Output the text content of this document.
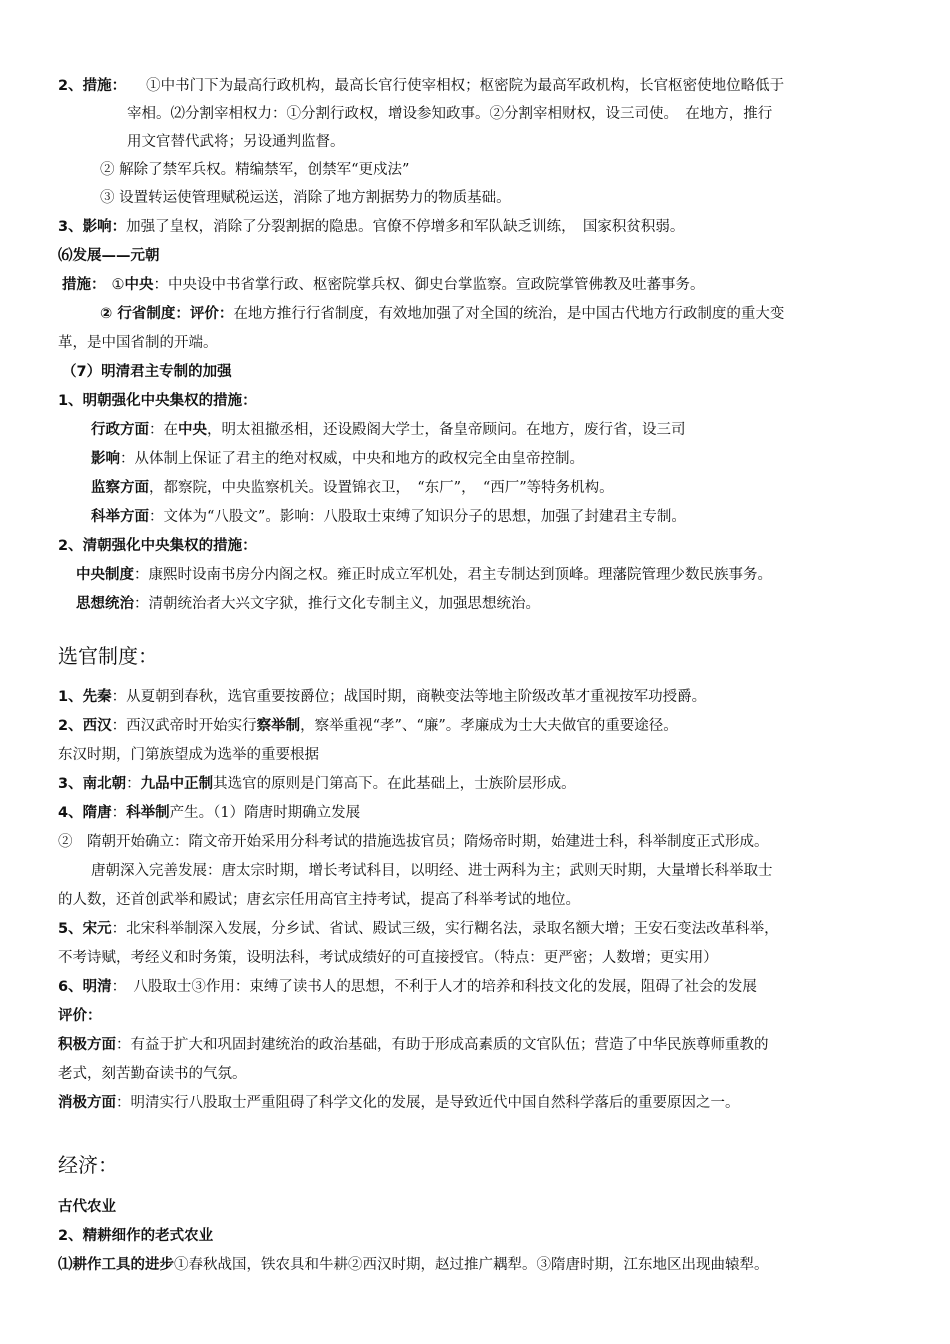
2、措施： ①中书门下为最高行政机构，最高长官行使宰相权；枢密院为最高军政机构，长官枢密使地位略低于
宰相。⑵分割宰相权力：①分割行政权，增设参知政事。②分割宰相财权，设三司使。　在地方，推行
用文官替代武将；另设通判监督。
② 解除了禁军兵权。精编禁军，创禁军“更戍法”
③ 设置转运使管理赋税运送，消除了地方割据势力的物质基础。
3、影响：加强了皇权，消除了分裂割据的隐患。官僚不停增多和军队缺乏训练，　国家积贫积弱。
⑹发展——元朝
措施： ①中央：中央设中书省掌行政、枢密院掌兵权、御史台掌监察。宣政院掌管佛教及吐蕃事务。
② 行省制度：评价：在地方推行行省制度，有效地加强了对全国的统治，是中国古代地方行政制度的重大变
革，是中国省制的开端。
（7）明清君主专制的加强
1、明朝强化中央集权的措施：
行政方面：在中央，明太祖撤丞相，还设殿阁大学士，备皇帝顾问。在地方，废行省，设三司
影响：从体制上保证了君主的绝对权威，中央和地方的政权完全由皇帝控制。
监察方面，都察院，中央监察机关。设置锦衣卫，　“东厂”，　“西厂”等特务机构。
科举方面：文体为“八股文”。影响：八股取士束缚了知识分子的思想，加强了封建君主专制。
2、清朝强化中央集权的措施：
中央制度：康熙时设南书房分内阁之权。雍正时成立军机处，君主专制达到顶峰。理藩院管理少数民族事务。
思想统治：清朝统治者大兴文字狱，推行文化专制主义，加强思想统治。
选官制度：
1、先秦：从夏朝到春秋，选官重要按爵位；战国时期，商鞅变法等地主阶级改革才重视按军功授爵。
2、西汉：西汉武帝时开始实行察举制，察举重视“孝”、“廉”。孝廉成为士大夫做官的重要途径。
东汉时期，门第族望成为选举的重要根据
3、南北朝：九品中正制其选官的原则是门第高下。在此基础上，士族阶层形成。
4、隋唐：科举制产生。（1）隋唐时期确立发展
②　隋朝开始确立：隋文帝开始采用分科考试的措施选拔官员；隋炀帝时期，始建进士科，科举制度正式形成。
唐朝深入完善发展：唐太宗时期，增长考试科目，以明经、进士两科为主；武则天时期，大量增长科举取士
的人数，还首创武举和殿试；唐玄宗任用高官主持考试，提高了科举考试的地位。
5、宋元：北宋科举制深入发展，分乡试、省试、殿试三级，实行糊名法，录取名额大增；王安石变法改革科举，
不考诗赋，考经义和时务策，设明法科，考试成绩好的可直接授官。（特点：更严密；人数增；更实用）
6、明清：　八股取士③作用：束缚了读书人的思想，不利于人才的培养和科技文化的发展，阻碍了社会的发展
评价：
积极方面：有益于扩大和巩固封建统治的政治基础，有助于形成高素质的文官队伍；营造了中华民族尊师重教的
老式，刻苦勤奋读书的气氛。
消极方面：明清实行八股取士严重阻碍了科学文化的发展，是导致近代中国自然科学落后的重要原因之一。
经济：
古代农业
2、精耕细作的老式农业
⑴耕作工具的进步①春秋战国，铁农具和牛耕②西汉时期，赵过推广耦犁。③隋唐时期，江东地区出现曲辕犁。
